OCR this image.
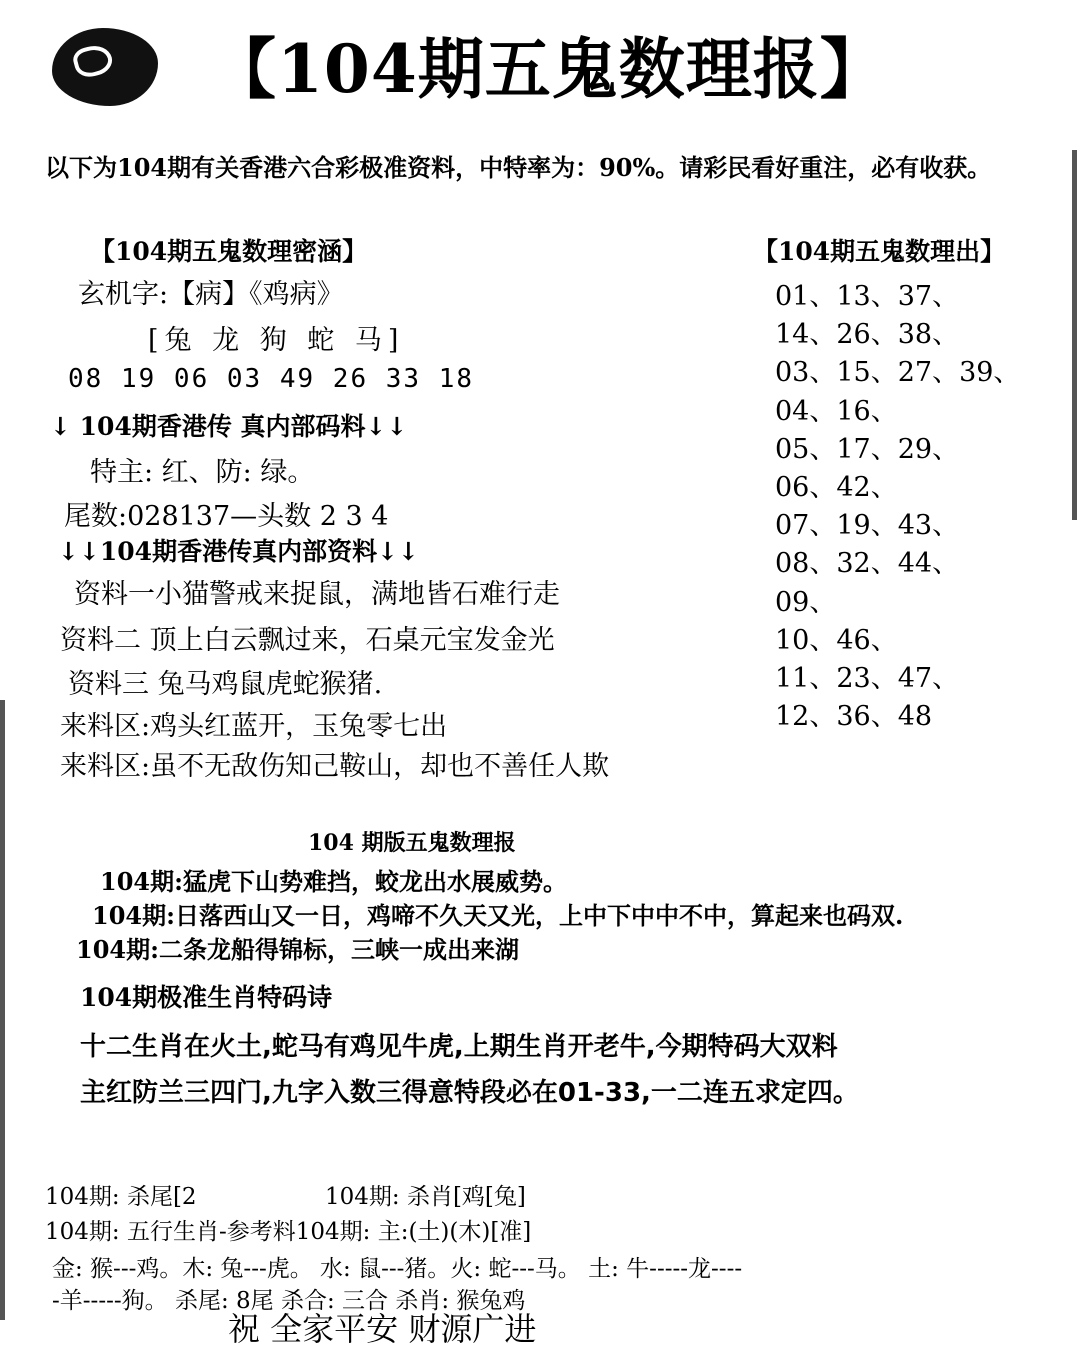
【104期五鬼数理报】
以下为104期有关香港六合彩极准资料，中特率为：90%。请彩民看好重注，必有收获。
【104期五鬼数理密涵】	【104期五鬼数理出】
玄机字:【病】《鸡病》
[兔 龙 狗 蛇 马]
08 19 06 03 49 26 33 18
↓ 104期香港传 真内部码料↓↓
特主: 红、防: 绿。
尾数:028137—头数 2 3 4
↓↓104期香港传真内部资料↓↓
资料一小猫警戒来捉鼠，满地皆石难行走
资料二 顶上白云飘过来，石桌元宝发金光
资料三 兔马鸡鼠虎蛇猴猪.
来料区:鸡头红蓝开，玉兔零七出
来料区:虽不无敌伤知己鞍山，却也不善任人欺
01、13、37、
14、26、38、
03、15、27、39、
04、16、
05、17、29、
06、42、
07、19、43、
08、32、44、
09、
10、46、
11、23、47、
12、36、48
104 期版五鬼数理报
104期:猛虎下山势难挡，蛟龙出水展威势。
104期:日落西山又一日，鸡啼不久天又光，上中下中中不中，算起来也码双.
104期:二条龙船得锦标，三峡一成出来湖
104期极准生肖特码诗
十二生肖在火土,蛇马有鸡见牛虎,上期生肖开老牛,今期特码大双料
主红防兰三四门,九字入数三得意特段必在01-33,一二连五求定四。
104期: 杀尾[2	104期: 杀肖[鸡[兔]
104期: 五行生肖-参考料104期: 主:(土)(木)[准]
金: 猴---鸡。木: 兔---虎。 水: 鼠---猪。火: 蛇---马。 土: 牛-----龙----
-羊-----狗。 杀尾: 8尾 杀合: 三合 杀肖: 猴兔鸡
祝 全家平安 财源广进
